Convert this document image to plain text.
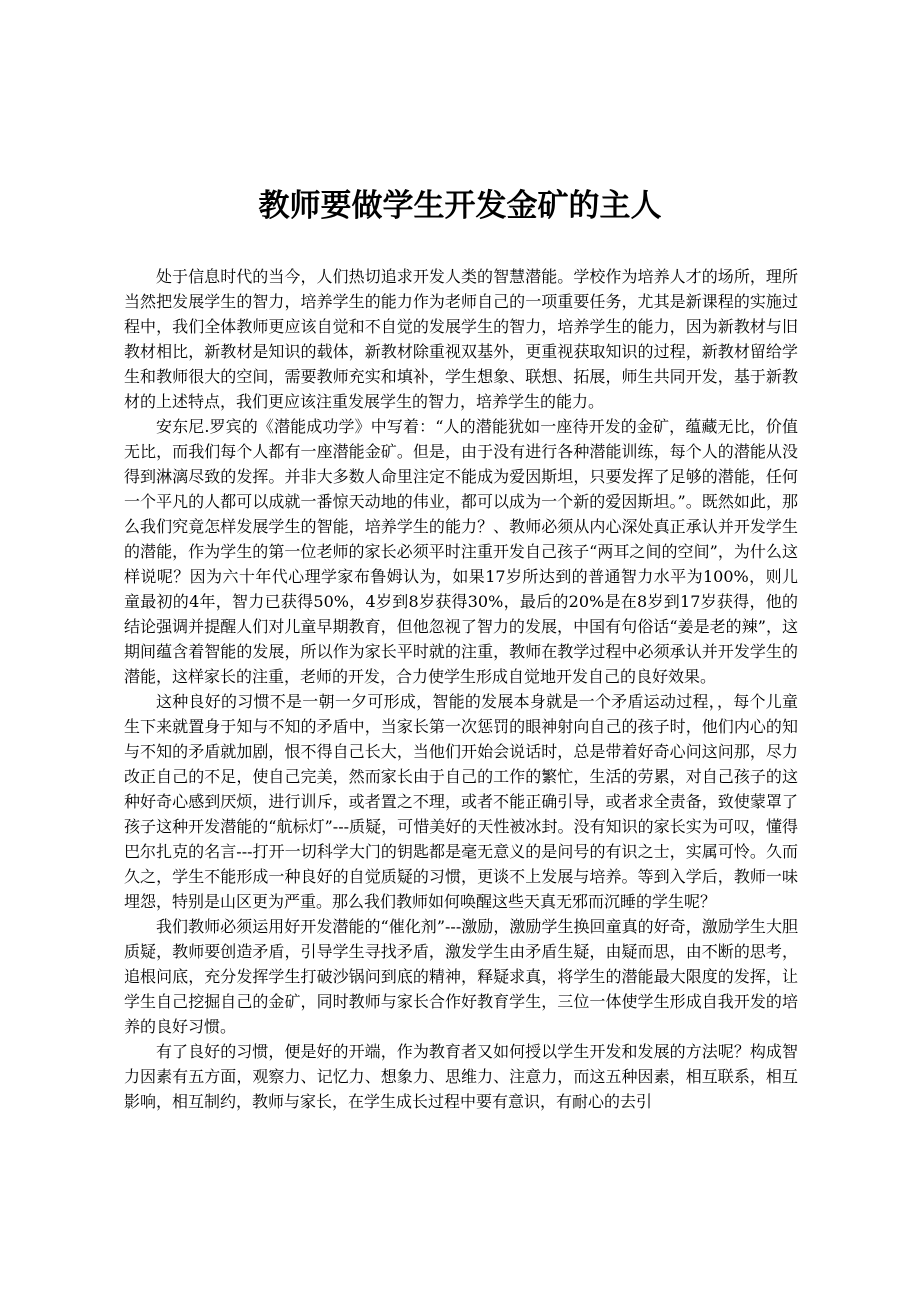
教师要做学生开发金矿的主人

处于信息时代的当今，人们热切追求开发人类的智慧潜能。学校作为培养人才的场所，理所当然把发展学生的智力，培养学生的能力作为老师自己的一项重要任务，尤其是新课程的实施过程中，我们全体教师更应该自觉和不自觉的发展学生的智力，培养学生的能力，因为新教材与旧教材相比，新教材是知识的载体，新教材除重视双基外，更重视获取知识的过程，新教材留给学生和教师很大的空间，需要教师充实和填补，学生想象、联想、拓展，师生共同开发，基于新教材的上述特点，我们更应该注重发展学生的智力，培养学生的能力。

安东尼.罗宾的《潜能成功学》中写着：“人的潜能犹如一座待开发的金矿，蕴藏无比，价值无比，而我们每个人都有一座潜能金矿。但是，由于没有进行各种潜能训练，每个人的潜能从没得到淋漓尽致的发挥。并非大多数人命里注定不能成为爱因斯坦，只要发挥了足够的潜能，任何一个平凡的人都可以成就一番惊天动地的伟业，都可以成为一个新的爱因斯坦。”。既然如此，那么我们究竟怎样发展学生的智能，培养学生的能力？、教师必须从内心深处真正承认并开发学生的潜能，作为学生的第一位老师的家长必须平时注重开发自己孩子“两耳之间的空间”，为什么这样说呢？因为六十年代心理学家布鲁姆认为，如果17岁所达到的普通智力水平为100%，则儿童最初的4年，智力已获得50%，4岁到8岁获得30%，最后的20%是在8岁到17岁获得，他的结论强调并提醒人们对儿童早期教育，但他忽视了智力的发展，中国有句俗话“姜是老的辣”，这期间蕴含着智能的发展，所以作为家长平时就的注重，教师在教学过程中必须承认并开发学生的潜能，这样家长的注重，老师的开发，合力使学生形成自觉地开发自己的良好效果。

这种良好的习惯不是一朝一夕可形成，智能的发展本身就是一个矛盾运动过程，，每个儿童生下来就置身于知与不知的矛盾中，当家长第一次惩罚的眼神射向自己的孩子时，他们内心的知与不知的矛盾就加剧，恨不得自己长大，当他们开始会说话时，总是带着好奇心问这问那，尽力改正自己的不足，使自己完美，然而家长由于自己的工作的繁忙，生活的劳累，对自己孩子的这种好奇心感到厌烦，进行训斥，或者置之不理，或者不能正确引导，或者求全责备，致使蒙罩了孩子这种开发潜能的“航标灯”---质疑，可惜美好的天性被冰封。没有知识的家长实为可叹，懂得巴尔扎克的名言---打开一切科学大门的钥匙都是毫无意义的是问号的有识之士，实属可怜。久而久之，学生不能形成一种良好的自觉质疑的习惯，更谈不上发展与培养。等到入学后，教师一味埋怨，特别是山区更为严重。那么我们教师如何唤醒这些天真无邪而沉睡的学生呢？

我们教师必须运用好开发潜能的“催化剂”---激励，激励学生换回童真的好奇，激励学生大胆质疑，教师要创造矛盾，引导学生寻找矛盾，激发学生由矛盾生疑，由疑而思，由不断的思考，追根问底，充分发挥学生打破沙锅问到底的精神，释疑求真，将学生的潜能最大限度的发挥，让学生自己挖掘自己的金矿，同时教师与家长合作好教育学生，三位一体使学生形成自我开发的培养的良好习惯。

有了良好的习惯，便是好的开端，作为教育者又如何授以学生开发和发展的方法呢？构成智力因素有五方面，观察力、记忆力、想象力、思维力、注意力，而这五种因素，相互联系，相互影响，相互制约，教师与家长，在学生成长过程中要有意识，有耐心的去引
